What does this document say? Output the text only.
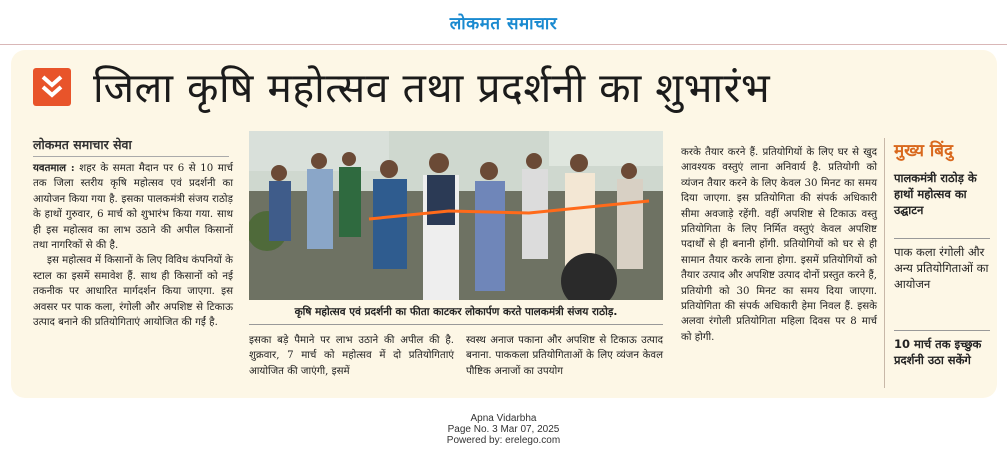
लोकमत समाचार
जिला कृषि महोत्सव तथा प्रदर्शनी का शुभारंभ
लोकमत समाचार सेवा

यवतमाल : शहर के समता मैदान पर 6 से 10 मार्च तक जिला स्तरीय कृषि महोत्सव एवं प्रदर्शनी का आयोजन किया गया है. इसका पालकमंत्री संजय राठोड़ के हाथों गुरुवार, 6 मार्च को शुभारंभ किया गया. साथ ही इस महोत्सव का लाभ उठाने की अपील किसानों तथा नागरिकों से की है.

इस महोत्सव में किसानों के लिए विविध कंपनियों के स्टाल का इसमें समावेश हैं. साथ ही किसानों को नई तकनीक पर आधारित मार्गदर्शन किया जाएगा. इस अवसर पर पाक कला, रंगोली और अपशिष्ट से टिकाऊ उत्पाद बनाने की प्रतियोगिताएं आयोजित की गईं है.

कृषि महोत्सव एवं प्रदर्शनी का फीता काटकर लोकार्पण करते पालकमंत्री संजय राठोड़.

इसका बड़े पैमाने पर लाभ उठाने की अपील की है. शुक्रवार, 7 मार्च को महोत्सव में दो प्रतियोगिताएं आयोजित की जाएंगी, इसमें

स्वस्थ अनाज पकाना और अपशिष्ट से टिकाऊ उत्पाद बनाना. पाककला प्रतियोगिताओं के लिए व्यंजन केवल पौष्टिक अनाजों का उपयोग

करके तैयार करने हैं. प्रतियोगियों के लिए घर से खुद आवश्यक वस्तुएं लाना अनिवार्य है. प्रतियोगी को व्यंजन तैयार करने के लिए केवल 30 मिनट का समय दिया जाएगा. इस प्रतियोगिता की संपर्क अधिकारी सीमा अवजाड़े रहेंगी. वहीं अपशिष्ट से टिकाऊ वस्तु प्रतियोगिता के लिए निर्मित वस्तुएं केवल अपशिष्ट पदार्थों से ही बनानी होंगी. प्रतियोगियों को घर से ही सामान तैयार करके लाना होगा. इसमें प्रतियोगियों को तैयार उत्पाद और अपशिष्ट उत्पाद दोनों प्रस्तुत करने हैं, प्रतियोगी को 30 मिनट का समय दिया जाएगा. प्रतियोगिता की संपर्क अधिकारी हेमा निवल हैं. इसके अलवा रंगोली प्रतियोगिता महिला दिवस पर 8 मार्च को होगी.

मुख्य बिंदु
पालकमंत्री राठोड़ के हाथों महोत्सव का उद्घाटन
पाक कला रंगोली और अन्य प्रतियोगिताओं का आयोजन
10 मार्च तक इच्छुक प्रदर्शनी उठा सकेंगे
Apna Vidarbha
Page No. 3 Mar 07, 2025
Powered by: erelego.com
